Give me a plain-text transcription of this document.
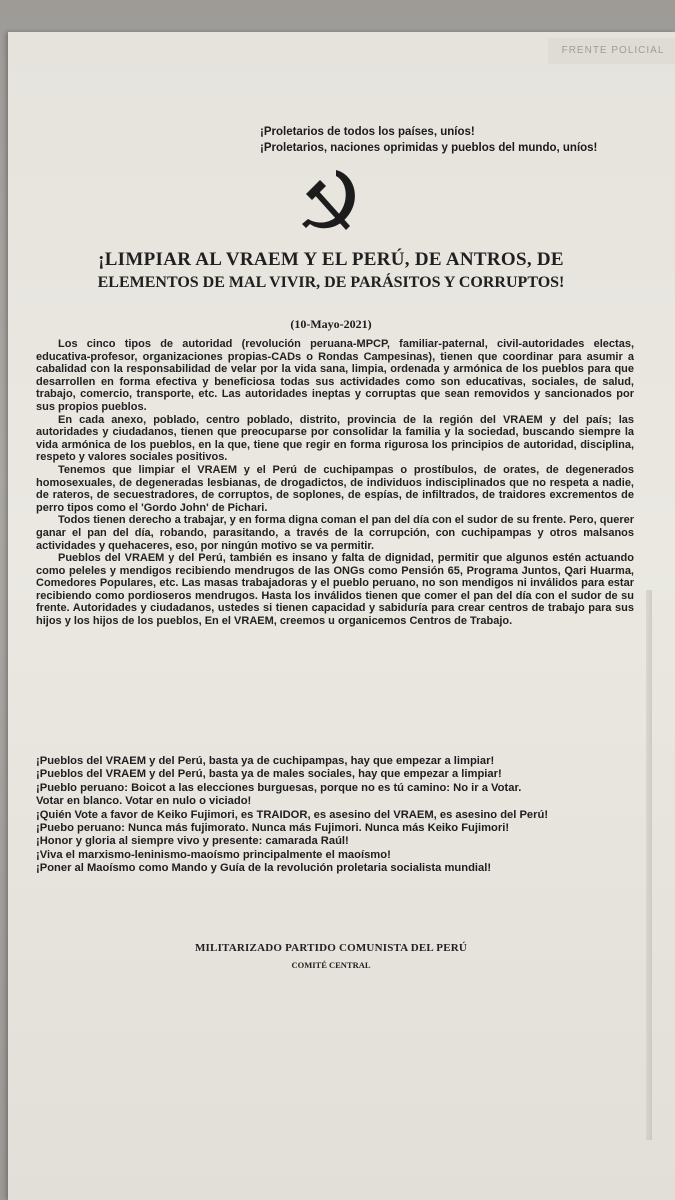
FRENTE POLICIAL
¡Proletarios de todos los países, uníos!
¡Proletarios, naciones oprimidas y pueblos del mundo, uníos!
¡LIMPIAR AL VRAEM Y EL PERÚ, DE ANTROS, DE
ELEMENTOS DE MAL VIVIR, DE PARÁSITOS Y CORRUPTOS!
(10-Mayo-2021)

Los cinco tipos de autoridad (revolución peruana-MPCP, familiar-paternal, civil-autoridades electas, educativa-profesor, organizaciones propias-CADs o Rondas Campesinas), tienen que coordinar para asumir a cabalidad con la responsabilidad de velar por la vida sana, limpia, ordenada y armónica de los pueblos para que desarrollen en forma efectiva y beneficiosa todas sus actividades como son educativas, sociales, de salud, trabajo, comercio, transporte, etc. Las autoridades ineptas y corruptas que sean removidos y sancionados por sus propios pueblos.

En cada anexo, poblado, centro poblado, distrito, provincia de la región del VRAEM y del país; las autoridades y ciudadanos, tienen que preocuparse por consolidar la familia y la sociedad, buscando siempre la vida armónica de los pueblos, en la que, tiene que regir en forma rigurosa los principios de autoridad, disciplina, respeto y valores sociales positivos.

Tenemos que limpiar el VRAEM y el Perú de cuchipampas o prostíbulos, de orates, de degenerados homosexuales, de degeneradas lesbianas, de drogadictos, de individuos indisciplinados que no respeta a nadie, de rateros, de secuestradores, de corruptos, de soplones, de espías, de infiltrados, de traidores excrementos de perro tipos como el 'Gordo John' de Pichari.

Todos tienen derecho a trabajar, y en forma digna coman el pan del día con el sudor de su frente. Pero, querer ganar el pan del día, robando, parasitando, a través de la corrupción, con cuchipampas y otros malsanos actividades y quehaceres, eso, por ningún motivo se va permitir.

Pueblos del VRAEM y del Perú, también es insano y falta de dignidad, permitir que algunos estén actuando como peleles y mendigos recibiendo mendrugos de las ONGs como Pensión 65, Programa Juntos, Qari Huarma, Comedores Populares, etc. Las masas trabajadoras y el pueblo peruano, no son mendigos ni inválidos para estar recibiendo como pordioseros mendrugos. Hasta los inválidos tienen que comer el pan del día con el sudor de su frente. Autoridades y ciudadanos, ustedes si tienen capacidad y sabiduría para crear centros de trabajo para sus hijos y los hijos de los pueblos, En el VRAEM, creemos u organicemos Centros de Trabajo.

¡Pueblos del VRAEM y del Perú, basta ya de cuchipampas, hay que empezar a limpiar!
¡Pueblos del VRAEM y del Perú, basta ya de males sociales, hay que empezar a limpiar!
¡Pueblo peruano: Boicot a las elecciones burguesas, porque no es tú camino: No ir a Votar.
Votar en blanco. Votar en nulo o viciado!
¡Quién Vote a favor de Keiko Fujimori, es TRAIDOR, es asesino del VRAEM, es asesino del Perú!
¡Puebo peruano: Nunca más fujimorato. Nunca más Fujimori. Nunca más Keiko Fujimori!
¡Honor y gloria al siempre vivo y presente: camarada Raúl!
¡Viva el marxismo-leninismo-maoísmo principalmente el maoísmo!
¡Poner al Maoísmo como Mando y Guía de la revolución proletaria socialista mundial!
MILITARIZADO PARTIDO COMUNISTA DEL PERÚ
COMITÉ CENTRAL
